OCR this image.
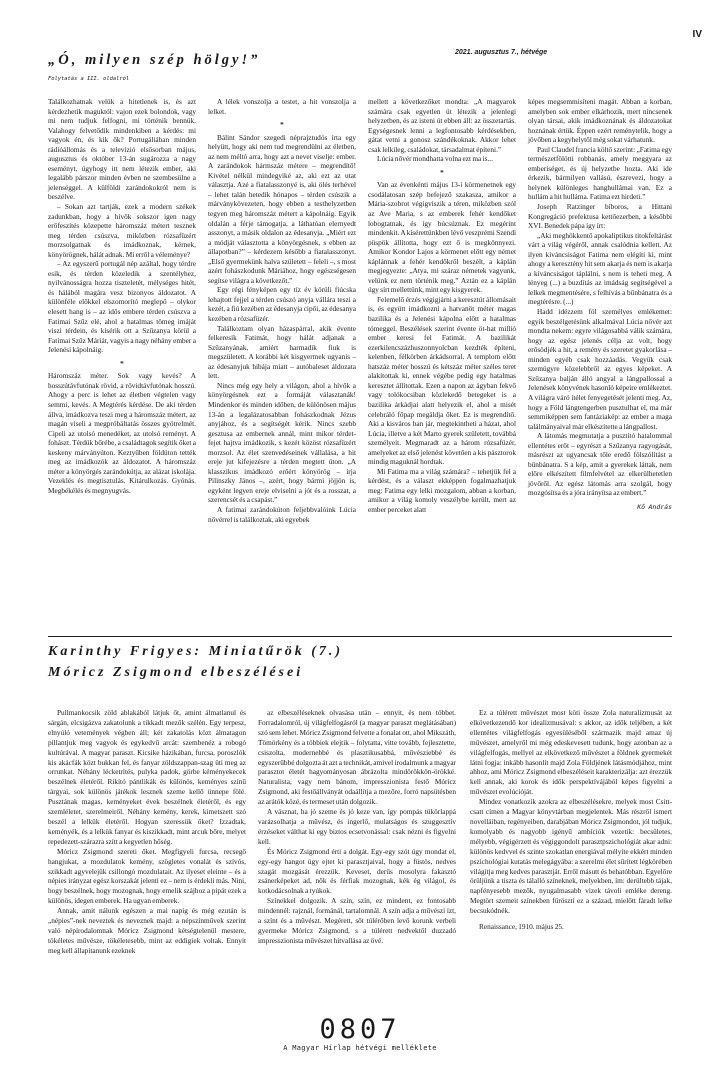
IV
2021. augusztus 7., hétvége
„Ó, milyen szép hölgy!”
Folytatás a III. oldalról

Találkozhatnak velük a hitetlenek is, és azt kérdezhetik maguktól: vajon ezek bolondok, vagy mi nem tudjuk felfogni, mi történik bennük. Valahogy felvetődik mindenkiben a kérdés: mi vagyok én, és kik ők? Portugáliában minden rádióállomás és a televízió elsősorban május, augusztus és október 13-án sugározza a nagy eseményt, úgyhogy itt nem létezik ember, aki legalább párszor minden évben ne szembesülne a jelenséggel. A külföldi zarándokokról nem is beszélve.

– Sokan azt tartják, ezek a modern székek zadunkban, hogy a hívők sokszor igen nagy erőfeszítés közepette háromszáz métert tesznek meg térden csúszva, miközben rózsafüzért morzsolgatnak és imádkoznak, kérnek, könyörögnek, hálát adnak. Mi erről a véleménye?

– Az egyszerű portugál nép azáltal, hogy térdre esik, és térden közeledik a szentélyhez, nyilvánosságra hozza tiszteletét, mélységes hitét, és hálából magára vesz bizonyos áldozatot. A különféle előkkel elszomorító meglepő – olykor elesett hang is – az idős embere térden csúszva a Fatimai Szűz elé, ahol a hatalmas tömeg imáját viszi térdein, és kísérik ott a Szűzanya körül a Fatimai Szűz Máriát, vagyis a nagy néhány ember a Jelenési kápolnáig.

*

Háromszáz méter. Sok vagy kevés? A hosszútávfutónak rövid, a rövidtávfutónak hosszú. Ahogy a perc is lehet az életben végtelen vagy semmi, kevés. A Megtérés kérdése. De aki térden állva, imádkozva teszi meg a háromszáz métert, az magán viseli a megpróbáltatás összes gyötrelmét. Cipeli az utolsó menedéket, az utolsó reményt. A fohászt. Térdük bőrébe, a családtagok segítik őket a keskeny márványúton. Keztyűben földúton tették meg az imádkozók az áldozatot. A háromszáz méter a könyörgés zarándokútja, az alázat iskolája. Vezeklés és megtisztulás. Kitárulkozás. Gyónás. Megbékélés és megnyugvás.

A lélek vonszolja a testet, a hit vonszolja a lelket.

*

Bálint Sándor szegedi néprajztudós írta egy helyütt, hogy aki nem tud megrendülni az életben, az nem méltó arra, hogy azt a nevet viselje: ember. A zarándokok hármszáz métere – megrendítő! Kivétel nélkül mindegyiké az, aki ezt az utat választja. Azé a fiatalasszonyé is, aki ölés terhével – lehet talán hetedik hónapos – térden csúszik a márványkövezeten, hogy ebben a testhelyzetben tegyen meg háromszáz métert a kápolnáig. Egyik oldalán a férje támogatja, a láthatóan elernyedt asszonyt, a másik oldalon az édesanyja. „Miért ezt a módját választotta a könyörgésnek, s ebben az állapotban?” – kérdezem később a fiatalasszonyt. „Első gyermekünk halva született – feleli –, s most azért fohászkodunk Máriához, hogy egészségesen segítse világra a következőt.”

Egy régi fényképen egy tíz év körüli fiúcska lehajtott fejjel a térden csúszó anyja vállára teszi a kezét, a fiú kezében az édesanyja cipői, az édesanya kezében a rózsafüzér.

Találkoztam olyan házaspárral, akik évente felkeresik Fatimát, hogy hálát adjanak a Szűzanyának, amiért harmadik fiuk is megszületett. A korábbi két kisgyermek ugyanis – az édesanyjuk hibája miatt – autóbaleset áldozata lett.

Nincs még egy hely a világon, ahol a hívők a könyörgésnek ezt a formáját választanák! Mindenkor és minden időben, de különösen május 13-án a legalázatosabban fohászkodnak Jézus anyjához, és a segítségét kérik. Nincs szebb gesztusa az embernek annál, mint mikor térdet-fejet hajtva imádkozik, s kezét közöst rózsafüzért morzsol. Az élet szenvedéseinek vállalása, a hit ereje jut kifejezésre a térden megtett úton. „A klasszikus imádkozó erőért könyörög – írja Pilinszky János –, azért, hogy bármi jöjjön is, egyként legyen ereje elviselni a jót és a rosszat, a szerencsét és a csapást.”

A fatimai zarándokúton feljebbvalóink Lúcia nővérrel is találkoztak, aki egyebek

mellett a következőket mondta: „A magyarok számára csak egyetlen út létezik a jelenlegi helyzetben, és az isteni út ebben áll: az összetartás. Egységesnek lenni a legfontosabb kérdésekben, gátat vetni a gonosz szándékoknak. Akkor lehet csak lelkileg, családokat, társadalmat építeni.”

Lúcia nővér mondhatta volna ezt ma is...

*

Van az évenkénti május 13-i körmenetnek egy csodálatosan szép befejező szakasza, amikor a Mária-szobrot végigviszik a téren, miközben szól az Ave Maria, s az emberek fehér kendőket lobogtatnak, és így búcsúznak. Ez megérint mindenkit. A kísérettünkben lévő veszprémi Szendi püspök állította, hogy ezt ő is megkönnyezi. Amikor Kondor Lajos a körmenet előtt egy német káplánnak a fehér kendőkről beszélt, a káplán megjegyezte: „Atya, mi száraz németek vagyunk, velünk ez nem történik meg.” Aztán ez a káplán úgy sírt mellettünk, mint egy kisgyerek.

Felemelő érzés végigjárni a keresztút állomásait is, és együtt imádkozni a hatvanöt méter magas bazilika és a Jelenési kápolna előtt a hatalmas tömeggel. Beszélések szerint évente öt-hat millió ember keresi fel Fatimát. A bazilikát ezerkilencszázhuszonnyolcban kezdték építeni, kelenben, félkörben árkádsorral. A templom előtt hatszáz méter hosszú és kétszáz méter széles teret alakítottak ki, ennek végébe pedig egy hatalmas keresztet állítottak. Ezen a napon az ágyban fekvő vagy tolókocsiban közlekedő betegeket is a bazilika árkádjai alatt helyezik el, ahol a misét celebráló főpap megáldja őket. Ez is megrendítő. Aki a kisváros ban jár, megtekintheti a házat, ahol Lúcia, illetve a két Marto gyerek született, továbbá személyeit. Megmaradt az a három rózsafüzér, amelyeket az első jelenést követően a kis pásztorok mindig maguknál hordtak.

Mi Fatima ma a világ számára? – tehetjük fel a kérdést, és a választ ekképpen fogalmazhatjuk meg: Fatima egy lelki mozgalom, abban a korban, amikor a világ komoly veszélybe került, mert az ember perceket alatt

képes megsemmisíteni magát. Abban a korban, amelyben sok ember elkárhozik, mert nincsenek olyan társai, akik imádkoznának és áldozatokat hoznának értük. Éppen ezért reménytelik, hogy a jövőben a kegyhelytől még sokat várhatunk.

Paul Claudel francia költő szerint: „Fatima egy természetfölötti robbanás, amely meggyara az emberiséget, és új helyzetbe hozta. Aki ide érkezik, bármilyen vallású, észrevezi, hogy a helynek különleges hanghullámai van. Ez a hullám a hit hulláma. Fatima ezt hirdeti.”

Joseph Ratzinger bíboros, a Hittani Kongregáció prefektusa kettőezerben, a későbbi XVI. Benedek pápa így írt:

„Aki meghökkentő apokaliptikus titokfeltárást várt a világ végéről, annak csalódnia kellett. Az ilyen kíváncsiságot Fatima nem elégíti ki, mint ahogy a keresztény hit sem akarja és nem is akarja a kíváncsiságot táplálni, s nem is teheti meg. A lényeg (...) a buzdítás az imádság segítségével a lelkek megmentésére, s felhívás a bűnbánatra és a megtérésre. (...)

Hadd idézzem föl személyes emlékemet: egyik beszélgetésünk alkalmával Lúcia nővér azt mondta nekem: egyre világosabbá válik számára, hogy az egész jelenés célja az volt, hogy erősödjék a hit, a remény és szeretet gyakorlása – minden egyéb csak hozzáadás. Vegyük csak szemügyre közelebbről az egyes képeket. A Szűzanya balján álló angyal a lángpallossal a Jelenések könyvének hasonló képeire emlékeztet. A világra váró ítélet fenyegetését jelenti meg. Az, hogy a Föld lángtengerben pusztulhat el, ma már semmiképpen sem fantáziakép: az ember a maga találmányaival már elkészítette a lángpallost.

A látomás megmutatja a pusztító hatalommal ellentétes erőt – egyrészt a Szűzanya ragyogását, másrészt az ugyancsak tőle eredő fölszólítást a bűnbánatra. S a kép, amit a gyerekek láttak, nem előre elkészített filmfelvétel az elkerülhetetlen jövőről. Az egész látomás arra szolgál, hogy mozgósítsa és a jóra irányítsa az embert.”

Kő András
Karinthy Frigyes: Miniatűrök (7.)
Móricz Zsigmond elbeszélései

Pullmankocsik zöld ablakából látjuk őt, amint álmatlanul és sárgán, elcsigázva zakatolunk a tikkadt mezők szélén. Egy terpesz, elnyúló vetemények végben áll; két zakatolás közt álmatagon pillantjuk meg vagyok és egykedvű arcát: szembenéz a robogó kultúrával. A magyar paraszt. Kicsike házikában, furcsa, poroszlók kis akácfák közt bukkan fel, és fanyar zöldszappan-szag üti meg az orrunkat. Néhány lécketrítés, pulyka padok, görbe kéményekecek beszélnek életéről. Rikító pántlikák és különös, keményes színű tárgyai, sok különös játékok lesznek szeme kellő ünnepe fölé. Pusztának magas, keményeket évek beszélnek életéről, és egy szemléletet, szerelmeiről. Néhány kemény, kerek, kimetszett szó beszél a lelkük életéről. Hogyan szeressük őket? Izzadtak, keményék, és a lelkük fanyar és kiszikkadt, mint arcuk bőre, melyet repedezett-szárazra szítt a kegyetlen hőség.

Móricz Zsigmond szereti őket. Megfigyeli furcsa, recsegő hangjukat, a mozdulatok kemény, szögletes vonalát és szívós, szikkadt agyvelejük csillongó mozdulatait. Az ilyeset eleinte – és a népies irányzat egész korszakát jelenti ez – nem is érdekli más. Nini, hogy beszélnek, hogy mozognak, hogy emelik szájhoz a pipát ezek a különös, idegen emberek. Ha ugyan emberek.

Annak, amit nálunk egészen a mai napig és még ezután is „népies”-nek neveztek és neveznek majd: a népszínművek szerint való népírodalomnak Móricz Zsigmond kétségtelenül mestere, tökéletes művésze, tökéletesebb, mint az eddigiek voltak. Ennyit meg kell állapítanunk ezeknek

az elbeszéléseknek olvasása után – ennyit, és nem többet. Forradalomról, új világfelfogásról (a magyar paraszt meglátásában) szó sem lehet. Móricz Zsigmond felvette a fonalat ott, ahol Mikszáth, Tömörkény és a többiek elejtik – folytatta, vitte tovább, fejlesztette, csiszolta, modernebbé és plasztikusabbá, művésziebbé és egyszerűbbé dolgozta át azt a technikát, amivel irodalmunk a magyar parasztot életét hagyományosan ábrázolta mindörökkön-örökké. Naturalista, vagy nem bánom, impresszionista festő Móricz Zsigmond, aki festőállványát odaállítja a mezőre, forró napsütésben az arátók közé, és termeset után dolgozik.

A vásznat, ha jó szeme és jó keze van, így pompás tükörlappá varázsolhatja a művész, és ingerlő, mulatságos és szuggesztív érzéseket válthat ki egy biztos ecsetvonással: csak nézni és figyelni kell.

És Móricz Zsigmond érti a dolgát. Egy-egy szót úgy mondat el, egy-egy hangot úgy ejtet ki parasztjaival, hogy a füstös, nedves szagát mozgását érezzük. Keveset, derűs mosolyra fakasztó zsánerképeket ad, nők és férfiak mozognak, kék ég világol, és kotkodácsolnak a tyúkok.

Színekkel dolgozik. A szín, szín, ez mindent, ez fontosabb mindennél: rajznál, formánál, tartalomnál. A szín adja a művészi ízt, a színt és a művészt. Megérett, sőt túlérőben levő korunk verbeli gyermeke Móricz Zsigmond, s a túlérett nedvektől duzzadó impresszionista művészet hitvallása az övé.

Ez a túlérett művészet most köti össze Zola naturalizmusát az elkövetkezendő kor idealizmusával: s akkor, az idők teljében, a két ellentétes világfelfogás egyesüléséből származik majd amaz új művészet, amelyről mi még edeskevesett tudunk, hogy azonban az a világfelfogás, mellyel az elkövetkező művészet a földnek gyermekét látni fogja: inkább hasonlít majd Zola Földjének látásmódjához, mint ahhoz, ami Móricz Zsigmond elbeszéléseit karakterizálja: azt érezzük kell annak, aki korok és idők perspektívájából képes figyelni a művészet evolúcióját.

Mindez vonatkozik azokra az elbeszélésekre, melyek most Csitt-csatt címen a Magyar könyvtárban megjelentek. Más részről ismert novelláiban, regényeiben, darabjában Móricz Zsigmondot, jól tudjuk, komolyabb és nagyobb igényű ambíciók vezetik: becsületes, mélyebb, végigérzett és végiggondolt parasztpszichológiát akar adni: különös kedvvel és szinte szokatlan energiával mélyíte ekkért minden pszichológiai kutatás melegágyába: a szerelmi élet sűrített légkörében világítja meg kedves parasztját. Erről másutt és behatóbban. Egyelőre örüljünk a tiszta és tálalló színeknek, melyekben, ím: derültebb tájak, napfényesebb mezők, nyugalmasabb vizek távoli emléke dereng. Megtört szemeit színekben fürösztí ez a század, mielőtt fáradt lelke becsukódnék.

Renaissance, 1910. május 25.

0807
A Magyar Hírlap hétvégi melléklete
